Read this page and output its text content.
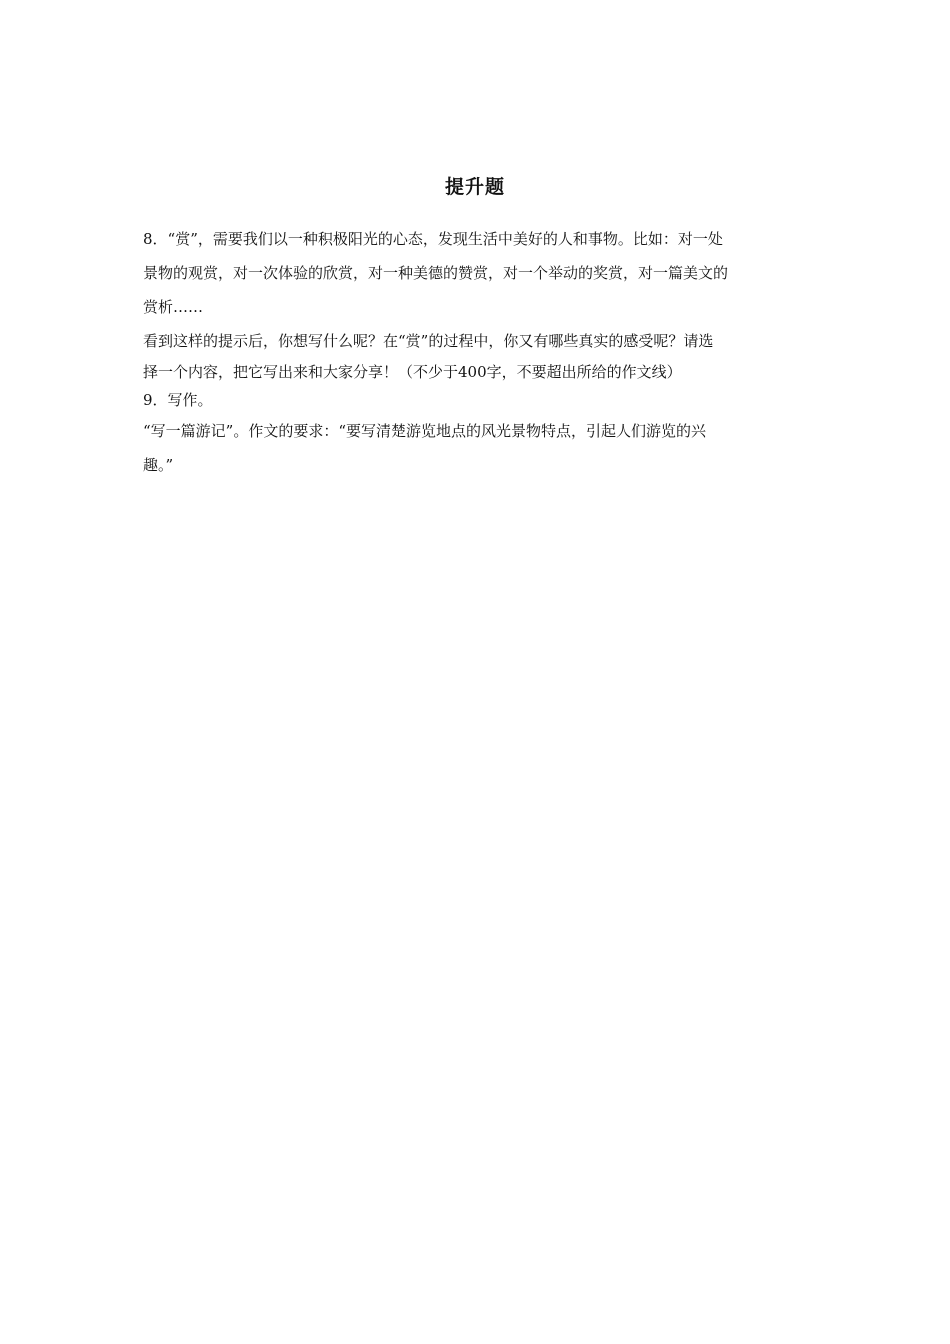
提升题

8．“赏”，需要我们以一种积极阳光的心态，发现生活中美好的人和事物。比如：对一处

景物的观赏，对一次体验的欣赏，对一种美德的赞赏，对一个举动的奖赏，对一篇美文的

赏析……

看到这样的提示后，你想写什么呢？在“赏”的过程中，你又有哪些真实的感受呢？请选

择一个内容，把它写出来和大家分享！（不少于400字，不要超出所给的作文线）

9．写作。

“写一篇游记”。作文的要求：“要写清楚游览地点的风光景物特点，引起人们游览的兴

趣。”
